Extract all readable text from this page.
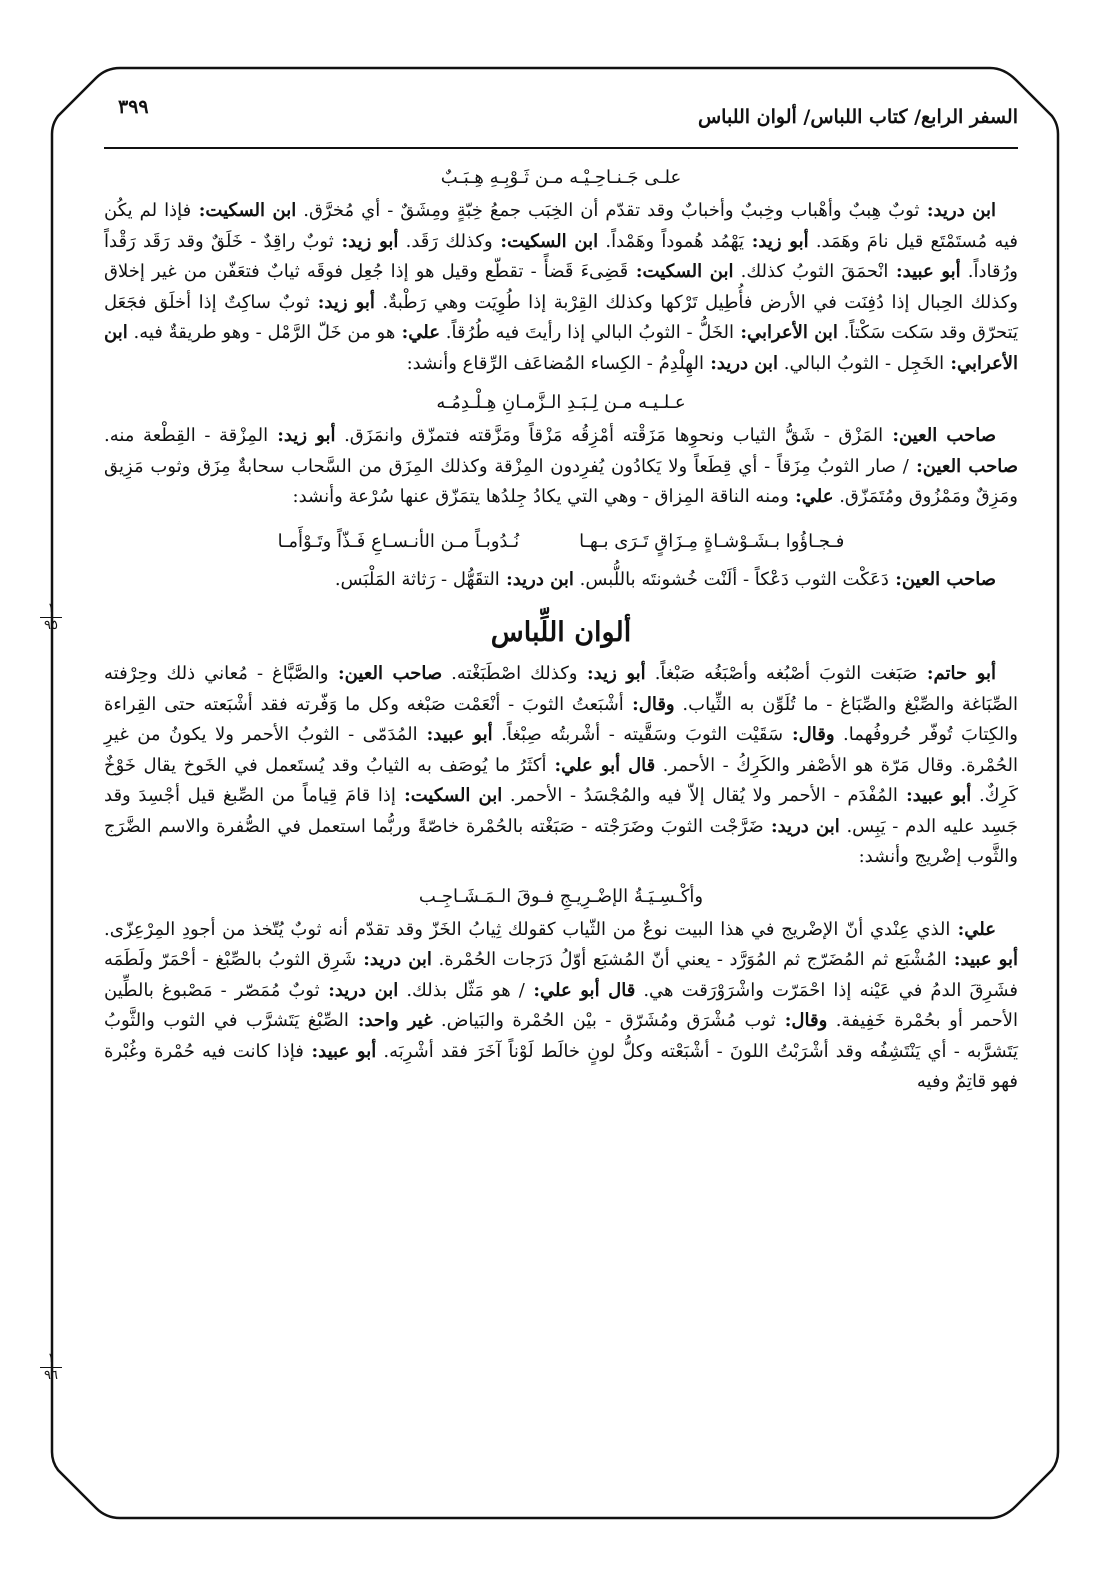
السفر الرابع/ كتاب اللباس/ ألوان اللباس
٣٩٩
١
٩٥
١
٩٦
علـى جَـنـاحِـيْـه مـن ثَـوْبِـهِ هِـبَـبٌ

ابن دريد: ثوبٌ هِببٌ وأهْباب وخِببٌ وأخبابٌ وقد تقدّم أن الخِبَب جمعُ خِبّةٍ ومِشَقٌ - أي مُخرَّق. ابن السكيت: فإذا لم يكُن فيه مُستَمْتَع قيل نامَ وهَمَد. أبو زيد: يَهْمُد هُموداً وهَمْداً. ابن السكيت: وكذلك رَقَد. أبو زيد: ثوبٌ راقِدٌ - خَلَقٌ وقد رَقَد رَقْداً ورُقاداً. أبو عبيد: انْحمَقَ الثوبُ كذلك. ابن السكيت: قَضِىءَ قَضأً - تقطّع وقيل هو إذا جُعِل فوقَه ثيابٌ فتعَفّن من غير إخلاق وكذلك الحِبال إذا دُفِنَت في الأرض فأُطِيل تَرْكها وكذلك القِرْبة إذا طُوِيَت وهي رَطْبةٌ. أبو زيد: ثوبٌ ساكِتٌ إذا أخلَق فجَعَل يَتحرّق وقد سَكت سَكْتاً. ابن الأعرابي: الخَلُّ - الثوبُ البالي إذا رأيتَ فيه طُرُقاً. علي: هو من خَلّ الرَّمْل - وهو طريقةٌ فيه. ابن الأعرابي: الخَجِل - الثوبُ البالي. ابن دريد: الهِلْدِمُ - الكِساء المُضاعَف الرِّقاع وأنشد:

عـلـيـه مـن لِـبَـدِ الـزَّمـانِ هِـلْـدِمُـه

صاحب العين: المَزْق - شَقُّ الثياب ونحوِها مَزَقْته أمْزِقُه مَزْقاً ومَزَّقته فتمزّق وانمَزَق. أبو زيد: المِزْقة - القِطْعة منه. صاحب العين: / صار الثوبُ مِزَقاً - أي قِطَعاً ولا يَكادُون يُفرِدون المِزْقة وكذلك المِزَق من السَّحاب سحابةٌ مِزَق وثوب مَزِيق ومَزِقٌ ومَمْزُوق ومُتَمَزّق. علي: ومنه الناقة المِزاق - وهي التي يكادُ جِلدُها يتمَزّق عنها سُرْعة وأنشد:

فـجـاؤُوا بـشَـوْشـاةٍ مِـزَاقٍ تَـرَى بـهـا
نُـدُوبـاً مـن الأنـسـاعِ فَـذّاً وتَـوْأَمـا

صاحب العين: دَعَكْت الثوب دَعْكاً - ألَنْت خُشونتَه باللُّبس. ابن دريد: التقَهُّل - رَثاثة المَلْبَس.

ألوان اللِّباس

أبو حاتم: صَبَغت الثوبَ أصْبُغه وأصْبَغُه صَبْغاً. أبو زيد: وكذلك اصْطَبَغْته. صاحب العين: والصَّبَّاغ - مُعاني ذلك وحِرْفته الصِّبَاغة والصِّبْغ والصِّبَاغ - ما تُلَوِّن به الثِّياب. وقال: أشْبَعتُ الثوبَ - أنْعَمْت صَبْغه وكل ما وَفّرته فقد أشْبَعته حتى القِراءة والكِتابَ تُوفّر حُروفُهما. وقال: سَقَيْت الثوبَ وسَقَّيته - أشْربتُه صِبْغاً. أبو عبيد: المُدَمّى - الثوبُ الأحمر ولا يكونُ من غيرِ الحُمْرة. وقال مَرّة هو الأصْفر والكَرِكُ - الأحمر. قال أبو علي: أكثَرُ ما يُوصَف به الثيابُ وقد يُستَعمل في الخَوخ يقال خَوْخٌ كَرِكٌ. أبو عبيد: المُفْدَم - الأحمر ولا يُقال إلاّ فيه والمُجْسَدُ - الأحمر. ابن السكيت: إذا قامَ قِياماً من الصِّبغ قيل أجْسِدَ وقد جَسِد عليه الدم - يَبِس. ابن دريد: ضَرَّجْت الثوبَ وضَرَجْته - صَبَغْته بالحُمْرة خاصّةً وربُّما استعمل في الصُّفرة والاسم الضَّرَج والثَّوب إضْريج وأنشد:

وأكْـسِـيَـةُ الإضْـرِيـجِ فـوقَ الـمَـشَـاجِـب

علي: الذي عِنْدي أنّ الإضْريج في هذا البيت نوعٌ من الثّياب كقولك ثِيابُ الخَزّ وقد تقدّم أنه ثوبٌ يُتّخذ من أجودِ المِرْعِزّى. أبو عبيد: المُشْبَع ثم المُضَرّج ثم المُوَرَّد - يعني أنّ المُشبَع أوّلُ دَرَجات الحُمْرة. ابن دريد: شَرِق الثوبُ بالصِّبْغ - أحْمَرّ ولَطَمَه فشَرِقَ الدمُ في عَيْنه إذا احْمَرّت واشْرَوْرَقت هي. قال أبو علي: / هو مَثّل بذلك. ابن دريد: ثوبٌ مُمَصّر - مَصْبوغ بالطِّين الأحمر أو بحُمْرة خَفِيفة. وقال: ثوب مُشْرَق ومُشَرّق - بيْن الحُمْرة والبَياض. غير واحد: الصِّبْغ يَتَشرَّب في الثوب والثَّوبُ يَتَشرَّبه - أي يَنْتَشِفُه وقد أشْرَبْتُ اللونَ - أشْبَعْته وكلُّ لونٍ خالَط لَوْناً آخَرَ فقد أشْرِبَه. أبو عبيد: فإذا كانت فيه حُمْرة وغُبْرة فهو قاتِمٌ وفيه
